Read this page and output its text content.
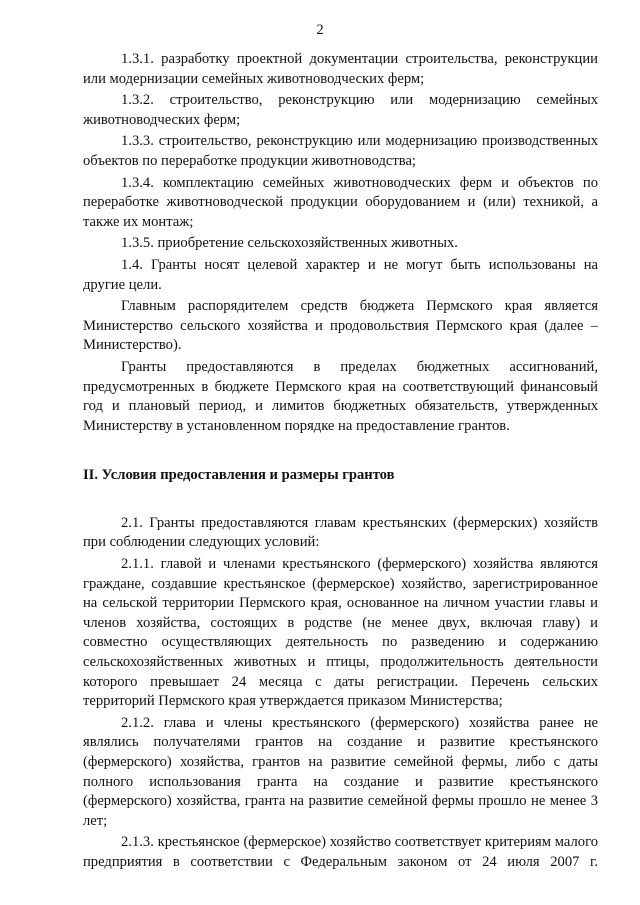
2

1.3.1. разработку проектной документации строительства, реконструкции или модернизации семейных животноводческих ферм;

1.3.2. строительство, реконструкцию или модернизацию семейных животноводческих ферм;

1.3.3. строительство, реконструкцию или модернизацию производственных объектов по переработке продукции животноводства;

1.3.4. комплектацию семейных животноводческих ферм и объектов по переработке животноводческой продукции оборудованием и (или) техникой, а также их монтаж;

1.3.5. приобретение сельскохозяйственных животных.

1.4. Гранты носят целевой характер и не могут быть использованы на другие цели.

Главным распорядителем средств бюджета Пермского края является Министерство сельского хозяйства и продовольствия Пермского края (далее – Министерство).

Гранты предоставляются в пределах бюджетных ассигнований, предусмотренных в бюджете Пермского края на соответствующий финансовый год и плановый период, и лимитов бюджетных обязательств, утвержденных Министерству в установленном порядке на предоставление грантов.

II. Условия предоставления и размеры грантов

2.1. Гранты предоставляются главам крестьянских (фермерских) хозяйств при соблюдении следующих условий:

2.1.1. главой и членами крестьянского (фермерского) хозяйства являются граждане, создавшие крестьянское (фермерское) хозяйство, зарегистрированное на сельской территории Пермского края, основанное на личном участии главы и членов хозяйства, состоящих в родстве (не менее двух, включая главу) и совместно осуществляющих деятельность по разведению и содержанию сельскохозяйственных животных и птицы, продолжительность деятельности которого превышает 24 месяца с даты регистрации. Перечень сельских территорий Пермского края утверждается приказом Министерства;

2.1.2. глава и члены крестьянского (фермерского) хозяйства ранее не являлись получателями грантов на создание и развитие крестьянского (фермерского) хозяйства, грантов на развитие семейной фермы, либо с даты полного использования гранта на создание и развитие крестьянского (фермерского) хозяйства, гранта на развитие семейной фермы прошло не менее 3 лет;

2.1.3. крестьянское (фермерское) хозяйство соответствует критериям малого предприятия в соответствии с Федеральным законом от 24 июля 2007 г.
